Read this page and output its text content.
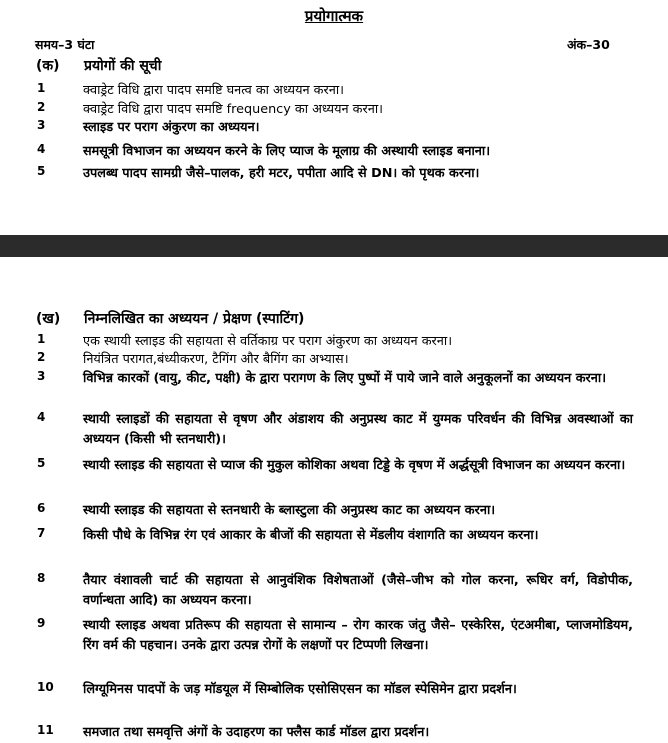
प्रयोगात्मक
समय–3 घंटा	अंक–30
(क) प्रयोगों की सूची
1	क्वाड्रेट विधि द्वारा पादप समष्टि घनत्व का अध्ययन करना।
2	क्वाड्रेट विधि द्वारा पादप समष्टि frequency का अध्ययन करना।
3	स्लाइड पर पराग अंकुरण का अध्ययन।
4	समसूत्री विभाजन का अध्ययन करने के लिए प्याज के मूलाग्र की अस्थायी स्लाइड बनाना।
5	उपलब्ध पादप सामग्री जैसे–पालक, हरी मटर, पपीता आदि से DN। को पृथक करना।
(ख) निम्नलिखित का अध्ययन / प्रेक्षण (स्पाटिंग)
1	एक स्थायी स्लाइड की सहायता से वर्तिकाग्र पर पराग अंकुरण का अध्ययन करना।
2	नियंत्रित परागत,बंध्यीकरण, टैगिंग और बैगिंग का अभ्यास।
3	विभिन्न कारकों (वायु, कीट, पक्षी) के द्वारा परागण के लिए पुष्पों में पाये जाने वाले अनुकूलनों का अध्ययन करना।
4	स्थायी स्लाइडों की सहायता से वृषण और अंडाशय की अनुप्रस्थ काट में युग्मक परिवर्धन की विभिन्न अवस्थाओं का अध्ययन (किसी भी स्तनधारी)।
5	स्थायी स्लाइड की सहायता से प्याज की मुकुल कोशिका अथवा टिड्डे के वृषण में अर्द्धसूत्री विभाजन का अध्ययन करना।
6	स्थायी स्लाइड की सहायता से स्तनधारी के ब्लास्टुला की अनुप्रस्थ काट का अध्ययन करना।
7	किसी पौधे के विभिन्न रंग एवं आकार के बीजों की सहायता से मेंडलीय वंशागति का अध्ययन करना।
8	तैयार वंशावली चार्ट की सहायता से आनुवंशिक विशेषताओं (जैसे–जीभ को गोल करना, रूधिर वर्ग, विडोपीक, वर्णान्धता आदि) का अध्ययन करना।
9	स्थायी स्लाइड अथवा प्रतिरूप की सहायता से सामान्य – रोग कारक जंतु जैसे– एस्केरिस, एंटअमीबा, प्लाजमोडियम, रिंग वर्म की पहचान। उनके द्वारा उत्पन्न रोगों के लक्षणों पर टिप्पणी लिखना।
10 लिग्यूमिनस पादपों के जड़ मॉडयूल में सिम्बोलिक एसोसिएसन का मॉडल स्पेसिमेन द्वारा प्रदर्शन।
11 समजात तथा समवृत्ति अंगों के उदाहरण का फ्लैस कार्ड मॉडल द्वारा प्रदर्शन।
